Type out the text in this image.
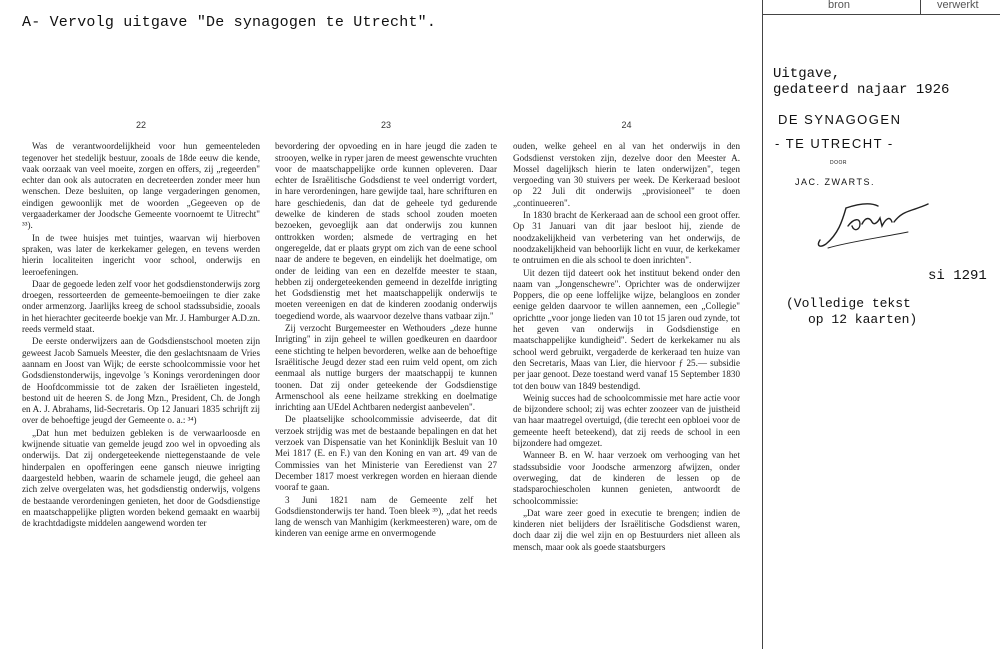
A- Vervolg uitgave "De synagogen te Utrecht".
bron	verwerkt
22

Was de verantwoordelijkheid voor hun gemeenteleden tegenover het stedelijk bestuur, zooals de 18de eeuw die kende, vaak oorzaak van veel moeite, zorgen en offers, zij „regeerden" echter dan ook als autocraten en decreteerden zonder meer hun wenschen. Deze besluiten, op lange vergaderingen genomen, eindigen gewoonlijk met de woorden „Gegeeven op de vergaaderkamer der Joodsche Gemeente voornoemt te Uitrecht" ³³).

In de twee huisjes met tuintjes, waarvan wij hierboven spraken, was later de kerkekamer gelegen, en tevens werden hierin localiteiten ingericht voor school, onderwijs en leeroefeningen.

Daar de gegoede leden zelf voor het godsdienstonderwijs zorg droegen, ressorteerden de gemeente-bemoeiingen te dier zake onder armenzorg. Jaarlijks kreeg de school stadssubsidie, zooals in het hierachter geciteerde boekje van Mr. J. Hamburger A.D.zn. reeds vermeld staat.

De eerste onderwijzers aan de Godsdienstschool moeten zijn geweest Jacob Samuels Meester, die den geslachtsnaam de Vries aannam en Joost van Wijk; de eerste schoolcommissie voor het Godsdienstonderwijs, ingevolge 's Konings verordeningen door de Hoofdcommissie tot de zaken der Israëlieten ingesteld, bestond uit de heeren S. de Jong Mzn., President, Ch. de Jongh en A. J. Abrahams, lid-Secretaris. Op 12 Januari 1835 schrijft zij over de behoeftige jeugd der Gemeente o. a.: ³⁴)

„Dat hun met beduizen gebleken is de verwaarloosde en kwijnende situatie van gemelde jeugd zoo wel in opvoeding als onderwijs. Dat zij ondergeteekende niettegenstaande de vele hinderpalen en opofferingen eene gansch nieuwe inrigting daargesteld hebben, waarin de schamele jeugd, die geheel aan zich zelve overgelaten was, het godsdienstig onderwijs, volgens de bestaande verordeningen genieten, het door de Godsdienstige en maatschappelijke pligten worden bekend gemaakt en waarbij de krachtdadigste middelen aangewend worden ter

23

bevordering der opvoeding en in hare jeugd die zaden te strooyen, welke in ryper jaren de meest gewenschte vruchten voor de maatschappelijke orde kunnen opleveren. Daar echter de Israëlitische Godsdienst te veel onderrigt vordert, in hare verordeningen, hare gewijde taal, hare schrifturen en hare geschiedenis, dan dat de geheele tyd gedurende dewelke de kinderen de stads school zouden moeten bezoeken, gevoeglijk aan dat onderwijs zou kunnen onttrokken worden; alsmede de vertraging en het ongeregelde, dat er plaats grypt om zich van de eene school naar de andere te begeven, en eindelijk het doelmatige, om onder de leiding van een en dezelfde meester te staan, hebben zij ondergeteekenden gemeend in dezelfde inrigting het Godsdienstig met het maatschappelijk onderwijs te moeten vereenigen en dat de kinderen zoodanig onderwijs toegediend worde, als waarvoor dezelve thans vatbaar zijn."

Zij verzocht Burgemeester en Wethouders „deze hunne Inrigting" in zijn geheel te willen goedkeuren en daardoor eene stichting te helpen bevorderen, welke aan de behoeftige Israëlitische Jeugd dezer stad een ruim veld opent, om zich eenmaal als nuttige burgers der maatschappij te kunnen toonen. Dat zij onder geteekende der Godsdienstige Armenschool als eene heilzame strekking en doelmatige inrichting aan UEdel Achtbaren nedergist aanbevelen".

De plaatselijke schoolcommissie adviseerde, dat dit verzoek strijdig was met de bestaande bepalingen en dat het verzoek van Dispensatie van het Koninklijk Besluit van 10 Mei 1817 (E. en F.) van den Koning en van art. 49 van de Commissies van het Ministerie van Eeredienst van 27 December 1817 moest verkregen worden en hieraan diende vooraf te gaan.

3 Juni 1821 nam de Gemeente zelf het Godsdienstonderwijs ter hand. Toen bleek ³⁵), „dat het reeds lang de wensch van Manhigim (kerkmeesteren) ware, om de kinderen van eenige arme en onvermogende

24

ouden, welke geheel en al van het onderwijs in den Godsdienst verstoken zijn, dezelve door den Meester A. Mossel dagelijksch hierin te laten onderwijzen", tegen vergoeding van 30 stuivers per week. De Kerkeraad besloot op 22 Juli dit onderwijs „provisioneel" te doen „continueeren".

In 1830 bracht de Kerkeraad aan de school een groot offer. Op 31 Januari van dit jaar besloot hij, ziende de noodzakelijkheid van verbetering van het onderwijs, de noodzakelijkheid van behoorlijk licht en vuur, de kerkekamer te ontruimen en die als school te doen inrichten".

Uit dezen tijd dateert ook het instituut bekend onder den naam van „Jongenschewre". Oprichter was de onderwijzer Poppers, die op eene loffelijke wijze, belangloos en zonder eenige gelden daarvoor te willen aannemen, een „Collegie" oprichtte „voor jonge lieden van 10 tot 15 jaren oud zynde, tot het geven van onderwijs in Godsdienstige en maatschappelijke kundigheid". Sedert de kerkekamer nu als school werd gebruikt, vergaderde de kerkeraad ten huize van den Secretaris, Maas van Lier, die hiervoor ƒ 25.— subsidie per jaar genoot. Deze toestand werd vanaf 15 September 1830 tot den bouw van 1849 bestendigd.

Weinig succes had de schoolcommissie met hare actie voor de bijzondere school; zij was echter zoozeer van de juistheid van haar maatregel overtuigd, (die terecht een opbloei voor de gemeente heeft beteekend), dat zij reeds de school in een bijzondere had omgezet.

Wanneer B. en W. haar verzoek om verhooging van het stadssubsidie voor Joodsche armenzorg afwijzen, onder overweging, dat de kinderen de lessen op de stadsparochiescholen kunnen genieten, antwoordt de schoolcommissie:

„Dat ware zeer goed in executie te brengen; indien de kinderen niet belijders der Israëlitische Godsdienst waren, doch daar zij die wel zijn en op Bestuurders niet alleen als mensch, maar ook als goede staatsburgers

Uitgave,
gedateerd najaar 1926
DE SYNAGOGEN
- TE UTRECHT -
DOOR
JAC. ZWARTS.
si 1291
(Volledige tekst
op 12 kaarten)
